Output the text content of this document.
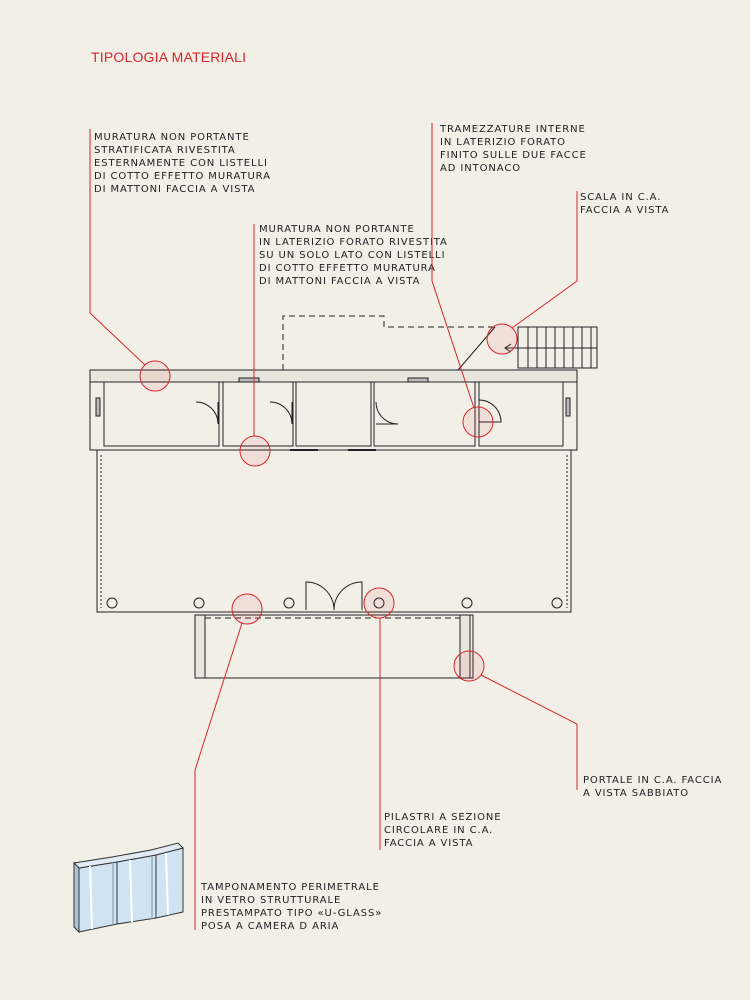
TIPOLOGIA MATERIALI
MURATURA NON PORTANTE
STRATIFICATA RIVESTITA
ESTERNAMENTE CON LISTELLI
DI COTTO EFFETTO MURATURA
DI MATTONI FACCIA A VISTA
MURATURA NON PORTANTE
IN LATERIZIO FORATO RIVESTITA
SU UN SOLO LATO CON LISTELLI
DI COTTO EFFETTO MURATURA
DI MATTONI FACCIA A VISTA
TRAMEZZATURE INTERNE
IN LATERIZIO FORATO
FINITO SULLE DUE FACCE
AD INTONACO
SCALA IN C.A.
FACCIA A VISTA
PORTALE IN C.A. FACCIA
A VISTA SABBIATO
PILASTRI A SEZIONE
CIRCOLARE IN C.A.
FACCIA A VISTA
TAMPONAMENTO PERIMETRALE
IN VETRO STRUTTURALE
PRESTAMPATO TIPO «U-GLASS»
POSA A CAMERA D ARIA
